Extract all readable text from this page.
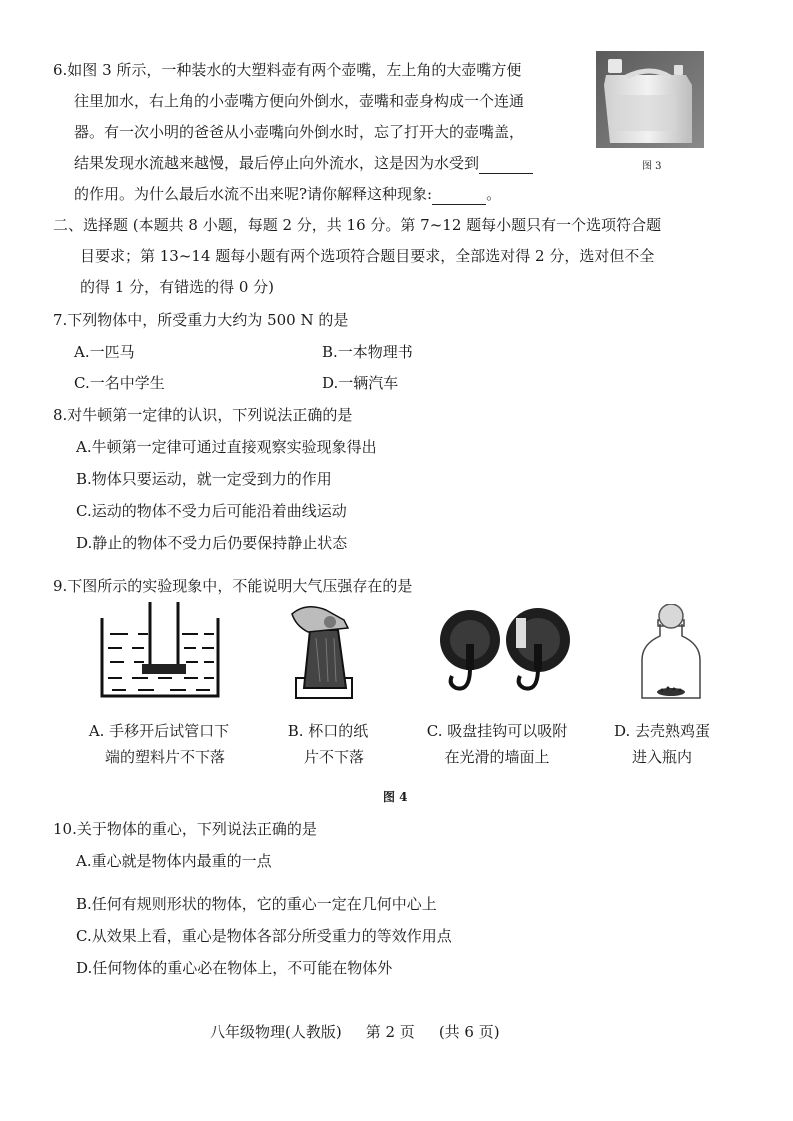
6.如图 3 所示，一种装水的大塑料壶有两个壶嘴，左上角的大壶嘴方便
往里加水，右上角的小壶嘴方便向外倒水，壶嘴和壶身构成一个连通
器。有一次小明的爸爸从小壶嘴向外倒水时，忘了打开大的壶嘴盖，
结果发现水流越来越慢，最后停止向外流水，这是因为水受到
的作用。为什么最后水流不出来呢?请你解释这种现象:	。
图 3
二、选择题 (本题共 8 小题，每题 2 分，共 16 分。第 7~12 题每小题只有一个选项符合题
目要求；第 13~14 题每小题有两个选项符合题目要求，全部选对得 2 分，选对但不全
的得 1 分，有错选的得 0 分)
7.下列物体中，所受重力大约为 500 N 的是
A.一匹马	B.一本物理书
C.一名中学生	D.一辆汽车
8.对牛顿第一定律的认识，下列说法正确的是
A.牛顿第一定律可通过直接观察实验现象得出
B.物体只要运动，就一定受到力的作用
C.运动的物体不受力后可能沿着曲线运动
D.静止的物体不受力后仍要保持静止状态
9.下图所示的实验现象中，不能说明大气压强存在的是
A. 手移开后试管口下
端的塑料片不下落
B. 杯口的纸
片不下落
C. 吸盘挂钩可以吸附
在光滑的墙面上
D. 去壳熟鸡蛋
进入瓶内
图 4
10.关于物体的重心，下列说法正确的是
A.重心就是物体内最重的一点
B.任何有规则形状的物体，它的重心一定在几何中心上
C.从效果上看，重心是物体各部分所受重力的等效作用点
D.任何物体的重心必在物体上，不可能在物体外
八年级物理(人教版) 第 2 页 (共 6 页)
